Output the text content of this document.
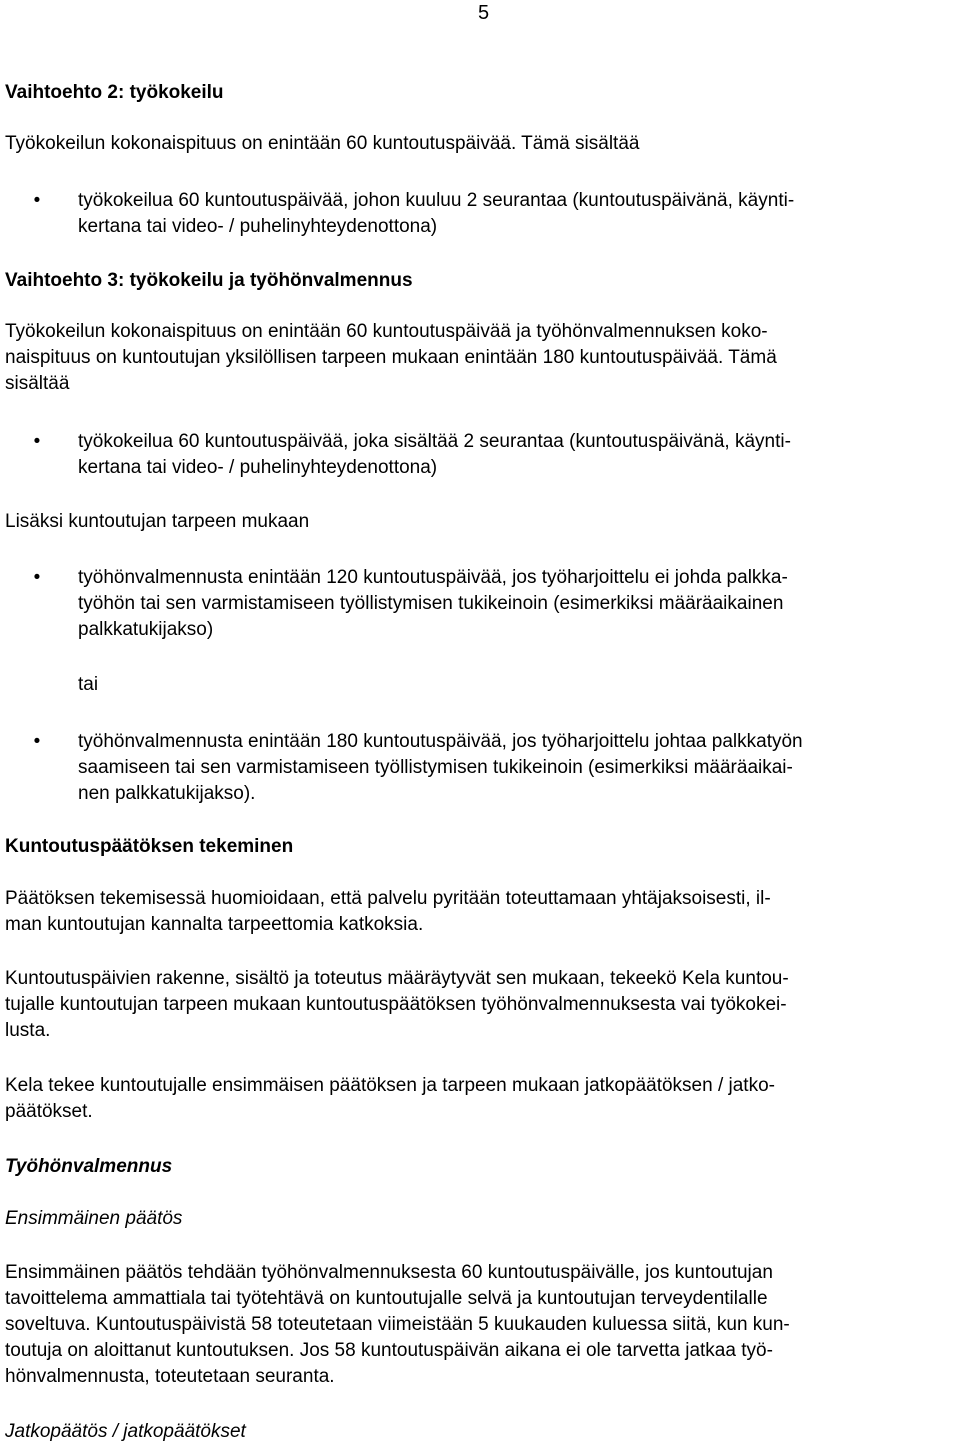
5
Vaihtoehto 2: työkokeilu
Työkokeilun kokonaispituus on enintään 60 kuntoutuspäivää. Tämä sisältää
• työkokeilua 60 kuntoutuspäivää, johon kuuluu 2 seurantaa (kuntoutuspäivänä, käynti-
kertana tai video- / puhelinyhteydenottona)
Vaihtoehto 3: työkokeilu ja työhönvalmennus
Työkokeilun kokonaispituus on enintään 60 kuntoutuspäivää ja työhönvalmennuksen koko-
naispituus on kuntoutujan yksilöllisen tarpeen mukaan enintään 180 kuntoutuspäivää. Tämä
sisältää
• työkokeilua 60 kuntoutuspäivää, joka sisältää 2 seurantaa (kuntoutuspäivänä, käynti-
kertana tai video- / puhelinyhteydenottona)
Lisäksi kuntoutujan tarpeen mukaan
• työhönvalmennusta enintään 120 kuntoutuspäivää, jos työharjoittelu ei johda palkka-
työhön tai sen varmistamiseen työllistymisen tukikeinoin (esimerkiksi määräaikainen
palkkatukijakso)
tai
• työhönvalmennusta enintään 180 kuntoutuspäivää, jos työharjoittelu johtaa palkkatyön
saamiseen tai sen varmistamiseen työllistymisen tukikeinoin (esimerkiksi määräaikai-
nen palkkatukijakso).
Kuntoutuspäätöksen tekeminen
Päätöksen tekemisessä huomioidaan, että palvelu pyritään toteuttamaan yhtäjaksoisesti, il-
man kuntoutujan kannalta tarpeettomia katkoksia.
Kuntoutuspäivien rakenne, sisältö ja toteutus määräytyvät sen mukaan, tekeekö Kela kuntou-
tujalle kuntoutujan tarpeen mukaan kuntoutuspäätöksen työhönvalmennuksesta vai työkokei-
lusta.
Kela tekee kuntoutujalle ensimmäisen päätöksen ja tarpeen mukaan jatkopäätöksen / jatko-
päätökset.
Työhönvalmennus
Ensimmäinen päätös
Ensimmäinen päätös tehdään työhönvalmennuksesta 60 kuntoutuspäivälle, jos kuntoutujan
tavoittelema ammattiala tai työtehtävä on kuntoutujalle selvä ja kuntoutujan terveydentilalle
soveltuva. Kuntoutuspäivistä 58 toteutetaan viimeistään 5 kuukauden kuluessa siitä, kun kun-
toutuja on aloittanut kuntoutuksen. Jos 58 kuntoutuspäivän aikana ei ole tarvetta jatkaa työ-
hönvalmennusta, toteutetaan seuranta.
Jatkopäätös / jatkopäätökset
